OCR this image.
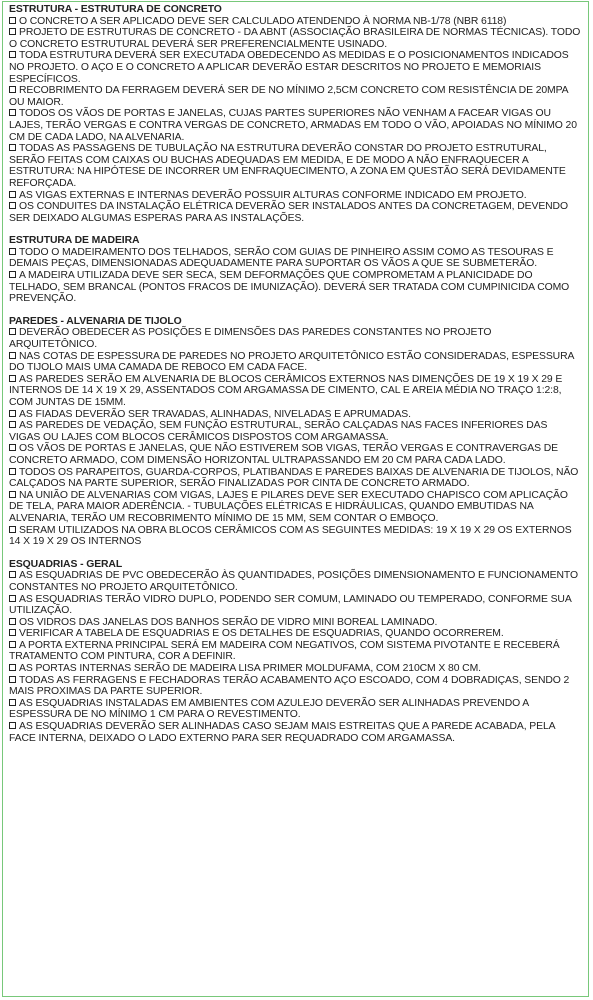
ESTRUTURA - ESTRUTURA DE CONCRETO

O CONCRETO A SER APLICADO DEVE SER CALCULADO ATENDENDO À NORMA NB-1/78 (NBR 6118)

PROJETO DE ESTRUTURAS DE CONCRETO - DA ABNT (ASSOCIAÇÃO BRASILEIRA DE NORMAS TÉCNICAS). TODO O CONCRETO ESTRUTURAL DEVERÁ SER PREFERENCIALMENTE USINADO.

TODA ESTRUTURA DEVERÁ SER EXECUTADA OBEDECENDO AS MEDIDAS E O POSICIONAMENTOS INDICADOS NO PROJETO. O AÇO E O CONCRETO A APLICAR DEVERÃO ESTAR DESCRITOS NO PROJETO E MEMORIAIS ESPECÍFICOS.

RECOBRIMENTO DA FERRAGEM DEVERÁ SER DE NO MÍNIMO 2,5CM CONCRETO COM RESISTÊNCIA DE 20MPA OU MAIOR.

TODOS OS VÃOS DE PORTAS E JANELAS, CUJAS PARTES SUPERIORES NÃO VENHAM A FACEAR VIGAS OU LAJES, TERÃO VERGAS E CONTRA VERGAS DE CONCRETO, ARMADAS EM TODO O VÃO, APOIADAS NO MÍNIMO 20 CM DE CADA LADO, NA ALVENARIA.

TODAS AS PASSAGENS DE TUBULAÇÃO NA ESTRUTURA DEVERÃO CONSTAR DO PROJETO ESTRUTURAL, SERÃO FEITAS COM CAIXAS OU BUCHAS ADEQUADAS EM MEDIDA, E DE MODO A NÃO ENFRAQUECER A ESTRUTURA: NA HIPÓTESE DE INCORRER UM ENFRAQUECIMENTO, A ZONA EM QUESTÃO SERÁ DEVIDAMENTE REFORÇADA.

AS VIGAS EXTERNAS E INTERNAS DEVERÃO POSSUIR ALTURAS CONFORME INDICADO EM PROJETO.

OS CONDUITES DA INSTALAÇÃO ELÉTRICA DEVERÃO SER INSTALADOS ANTES DA CONCRETAGEM, DEVENDO SER DEIXADO ALGUMAS ESPERAS PARA AS INSTALAÇÕES.

ESTRUTURA DE MADEIRA

TODO O MADEIRAMENTO DOS TELHADOS, SERÃO COM GUIAS DE PINHEIRO ASSIM COMO AS TESOURAS E DEMAIS PEÇAS, DIMENSIONADAS ADEQUADAMENTE PARA SUPORTAR OS VÃOS A QUE SE SUBMETERÃO.

A MADEIRA UTILIZADA DEVE SER SECA, SEM DEFORMAÇÕES QUE COMPROMETAM A PLANICIDADE DO TELHADO, SEM BRANCAL (PONTOS FRACOS DE IMUNIZAÇÃO). DEVERÁ SER TRATADA COM CUMPINICIDA COMO PREVENÇÃO.

PAREDES - ALVENARIA DE TIJOLO

DEVERÃO OBEDECER AS POSIÇÕES E DIMENSÕES DAS PAREDES CONSTANTES NO PROJETO ARQUITETÔNICO.

NAS COTAS DE ESPESSURA DE PAREDES NO PROJETO ARQUITETÔNICO ESTÃO CONSIDERADAS, ESPESSURA DO TIJOLO MAIS UMA CAMADA DE REBOCO EM CADA FACE.

AS PAREDES SERÃO EM ALVENARIA DE BLOCOS CERÂMICOS EXTERNOS NAS DIMENÇÕES DE 19 X 19 X 29 E INTERNOS DE 14 X 19 X 29, ASSENTADOS COM ARGAMASSA DE CIMENTO, CAL E AREIA MÉDIA NO TRAÇO 1:2:8, COM JUNTAS DE 15MM.

AS FIADAS DEVERÃO SER TRAVADAS, ALINHADAS, NIVELADAS E APRUMADAS.

AS PAREDES DE VEDAÇÃO, SEM FUNÇÃO ESTRUTURAL, SERÃO CALÇADAS NAS FACES INFERIORES DAS VIGAS OU LAJES COM BLOCOS CERÂMICOS DISPOSTOS COM ARGAMASSA.

OS VÃOS DE PORTAS E JANELAS, QUE NÃO ESTIVEREM SOB VIGAS, TERÃO VERGAS E CONTRAVERGAS DE CONCRETO ARMADO, COM DIMENSÃO HORIZONTAL ULTRAPASSANDO EM 20 CM PARA CADA LADO.

TODOS OS PARAPEITOS, GUARDA-CORPOS, PLATIBANDAS E PAREDES BAIXAS DE ALVENARIA DE TIJOLOS, NÃO CALÇADOS NA PARTE SUPERIOR, SERÃO FINALIZADAS POR CINTA DE CONCRETO ARMADO.

NA UNIÃO DE ALVENARIAS COM VIGAS, LAJES E PILARES DEVE SER EXECUTADO CHAPISCO COM APLICAÇÃO DE TELA, PARA MAIOR ADERÊNCIA. - TUBULAÇÕES ELÉTRICAS E HIDRÁULICAS, QUANDO EMBUTIDAS NA ALVENARIA, TERÃO UM RECOBRIMENTO MÍNIMO DE 15 MM, SEM CONTAR O EMBOÇO.

SERAM UTILIZADOS NA OBRA BLOCOS CERÂMICOS COM AS SEGUINTES MEDIDAS: 19 X 19 X 29 OS EXTERNOS 14 X 19 X 29 OS INTERNOS

ESQUADRIAS - GERAL

AS ESQUADRIAS DE PVC OBEDECERÃO ÀS QUANTIDADES, POSIÇÕES DIMENSIONAMENTO E FUNCIONAMENTO CONSTANTES NO PROJETO ARQUITETÔNICO.

AS ESQUADRIAS TERÃO VIDRO DUPLO, PODENDO SER COMUM, LAMINADO OU TEMPERADO, CONFORME SUA UTILIZAÇÃO.

OS VIDROS DAS JANELAS DOS BANHOS SERÃO DE VIDRO MINI BOREAL LAMINADO.

VERIFICAR A TABELA DE ESQUADRIAS E OS DETALHES DE ESQUADRIAS, QUANDO OCORREREM.

A PORTA EXTERNA PRINCIPAL SERÁ EM MADEIRA COM NEGATIVOS, COM SISTEMA PIVOTANTE E RECEBERÁ TRATAMENTO COM PINTURA, COR A DEFINIR.

AS PORTAS INTERNAS SERÃO DE MADEIRA LISA PRIMER MOLDUFAMA, COM 210CM X 80 CM.

TODAS AS FERRAGENS E FECHADORAS TERÃO ACABAMENTO AÇO ESCOADO, COM 4 DOBRADIÇAS, SENDO 2 MAIS PROXIMAS DA PARTE SUPERIOR.

AS ESQUADRIAS INSTALADAS EM AMBIENTES COM AZULEJO DEVERÃO SER ALINHADAS PREVENDO A ESPESSURA DE NO MÍNIMO 1 CM PARA O REVESTIMENTO.

AS ESQUADRIAS DEVERÃO SER ALINHADAS CASO SEJAM MAIS ESTREITAS QUE A PAREDE ACABADA, PELA FACE INTERNA, DEIXADO O LADO EXTERNO PARA SER REQUADRADO COM ARGAMASSA.
